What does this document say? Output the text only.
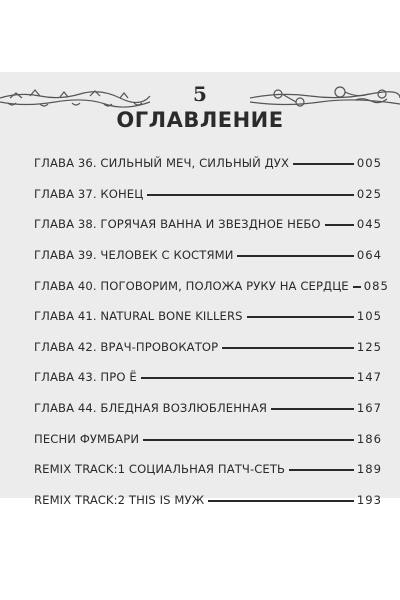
5
ОГЛАВЛЕНИЕ
ГЛАВА 36. СИЛЬНЫЙ МЕЧ, СИЛЬНЫЙ ДУХ	005
ГЛАВА 37. КОНЕЦ	025
ГЛАВА 38. ГОРЯЧАЯ ВАННА И ЗВЕЗДНОЕ НЕБО	045
ГЛАВА 39. ЧЕЛОВЕК С КОСТЯМИ	064
ГЛАВА 40. ПОГОВОРИМ, ПОЛОЖА РУКУ НА СЕРДЦЕ 085
ГЛАВА 41. NATURAL BONE KILLERS	105
ГЛАВА 42. ВРАЧ-ПРОВОКАТОР	125
ГЛАВА 43. ПРО Ё	147
ГЛАВА 44. БЛЕДНАЯ ВОЗЛЮБЛЕННАЯ	167
ПЕСНИ ФУМБАРИ	186
REMIX TRACK:1 СОЦИАЛЬНАЯ ПАТЧ-СЕТЬ	189
REMIX TRACK:2 THIS IS МУЖ	193
